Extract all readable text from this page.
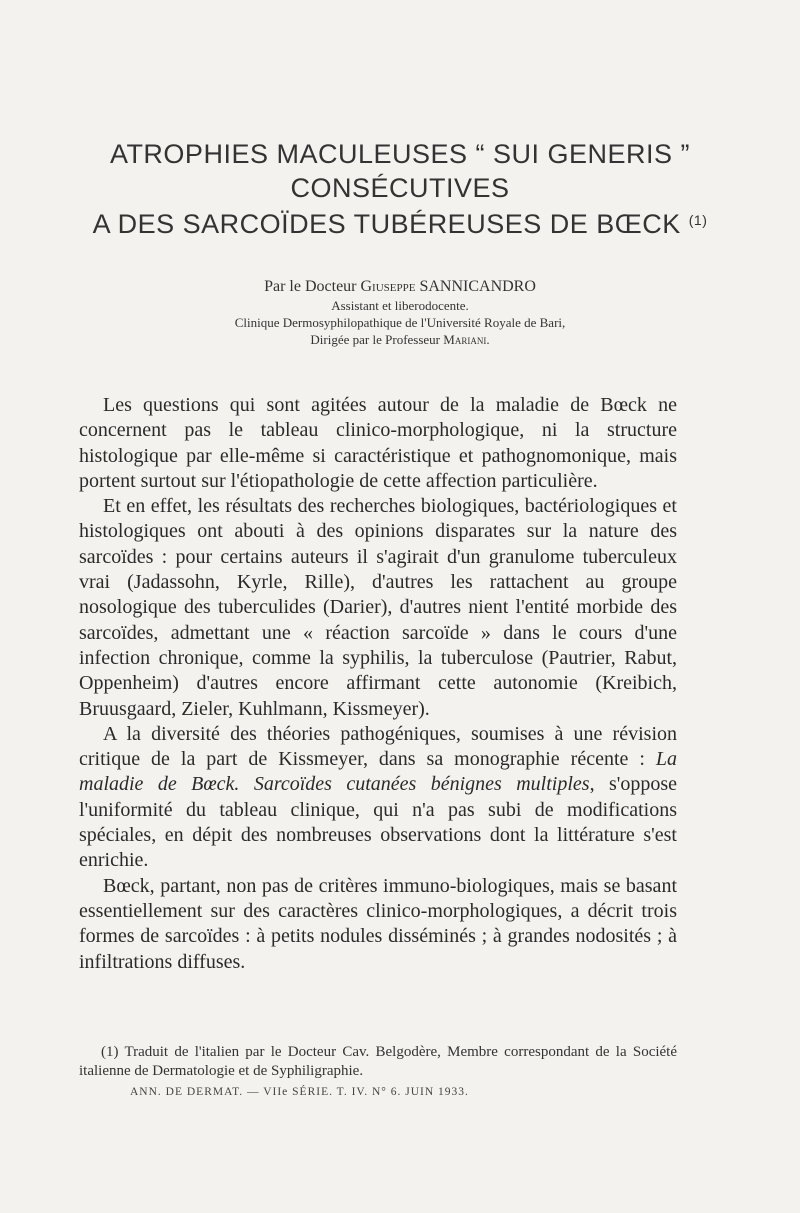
ATROPHIES MACULEUSES “ SUI GENERIS ”
CONSÉCUTIVES
A DES SARCOÏDES TUBÉREUSES DE BŒCK $^{(1)}$
Par le Docteur Giuseppe SANNICANDRO
Assistant et liberodocente.
Clinique Dermosyphilopathique de l'Université Royale de Bari,
Dirigée par le Professeur Mariani.

Les questions qui sont agitées autour de la maladie de Bœck ne concernent pas le tableau clinico-morphologique, ni la structure histologique par elle-même si caractéristique et pathognomonique, mais portent surtout sur l'étiopathologie de cette affection particulière.

Et en effet, les résultats des recherches biologiques, bactériologiques et histologiques ont abouti à des opinions disparates sur la nature des sarcoïdes : pour certains auteurs il s'agirait d'un granulome tuberculeux vrai (Jadassohn, Kyrle, Rille), d'autres les rattachent au groupe nosologique des tuberculides (Darier), d'autres nient l'entité morbide des sarcoïdes, admettant une « réaction sarcoïde » dans le cours d'une infection chronique, comme la syphilis, la tuberculose (Pautrier, Rabut, Oppenheim) d'autres encore affirmant cette autonomie (Kreibich, Bruusgaard, Zieler, Kuhlmann, Kissmeyer).

A la diversité des théories pathogéniques, soumises à une révision critique de la part de Kissmeyer, dans sa monographie récente : La maladie de Bœck. Sarcoïdes cutanées bénignes multiples, s'oppose l'uniformité du tableau clinique, qui n'a pas subi de modifications spéciales, en dépit des nombreuses observations dont la littérature s'est enrichie.

Bœck, partant, non pas de critères immuno-biologiques, mais se basant essentiellement sur des caractères clinico-morphologiques, a décrit trois formes de sarcoïdes : à petits nodules disséminés ; à grandes nodosités ; à infiltrations diffuses.

(1) Traduit de l'italien par le Docteur Cav. Belgodère, Membre correspondant de la Société italienne de Dermatologie et de Syphiligraphie.

ANN. DE DERMAT. — VIIe SÉRIE. T. IV. N° 6. JUIN 1933.
